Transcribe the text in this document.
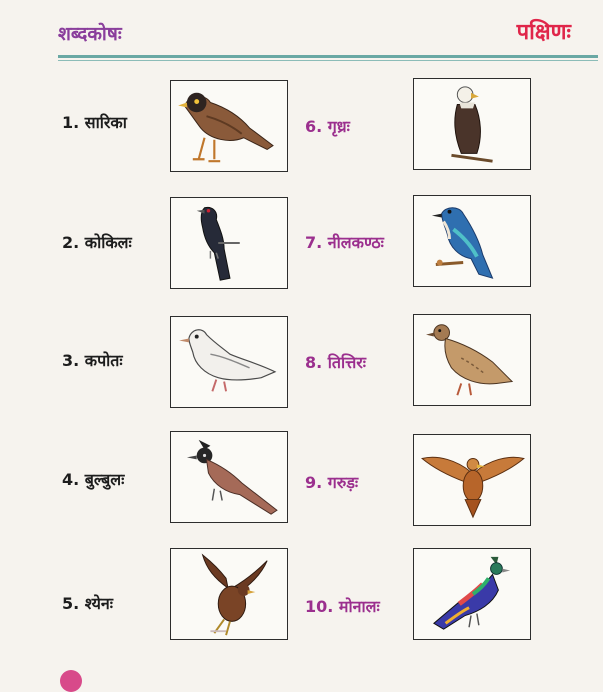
शब्दकोषः	पक्षिणः
1. सारिका
2. कोकिलः
3. कपोतः
4. बुल्बुलः
5. श्येनः
6. गृध्रः
7. नीलकण्ठः
8. तित्तिरः
9. गरुड़ः
10. मोनालः
